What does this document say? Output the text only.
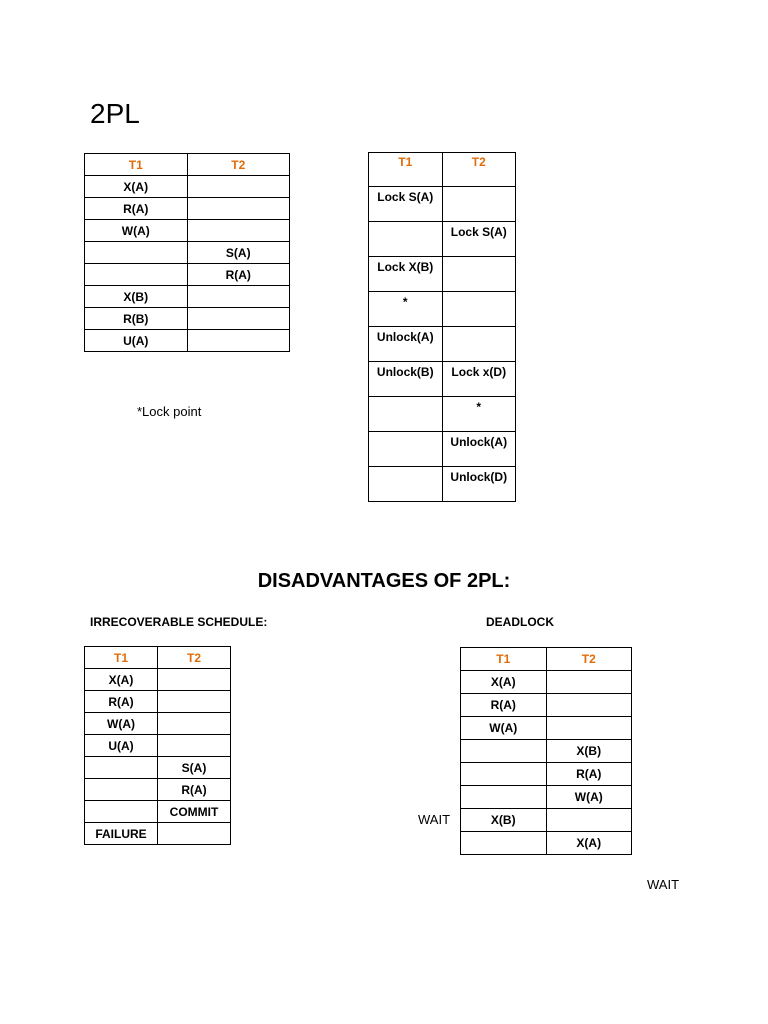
2PL
T1	T2
X(A)	
R(A)	
W(A)	
	S(A)
	R(A)
X(B)	
R(B)	
U(A)	
T1	T2
Lock S(A)	
	Lock S(A)
Lock X(B)	
*	
Unlock(A)	
Unlock(B)	Lock x(D)
	*
	Unlock(A)
	Unlock(D)
*Lock point
DISADVANTAGES OF 2PL:
IRRECOVERABLE SCHEDULE:	DEADLOCK
T1	T2
X(A)	
R(A)	
W(A)	
U(A)	
	S(A)
	R(A)
	COMMIT
FAILURE	
T1	T2
X(A)	
R(A)	
W(A)	
	X(B)
	R(A)
	W(A)
X(B)	
	X(A)
WAIT
WAIT
